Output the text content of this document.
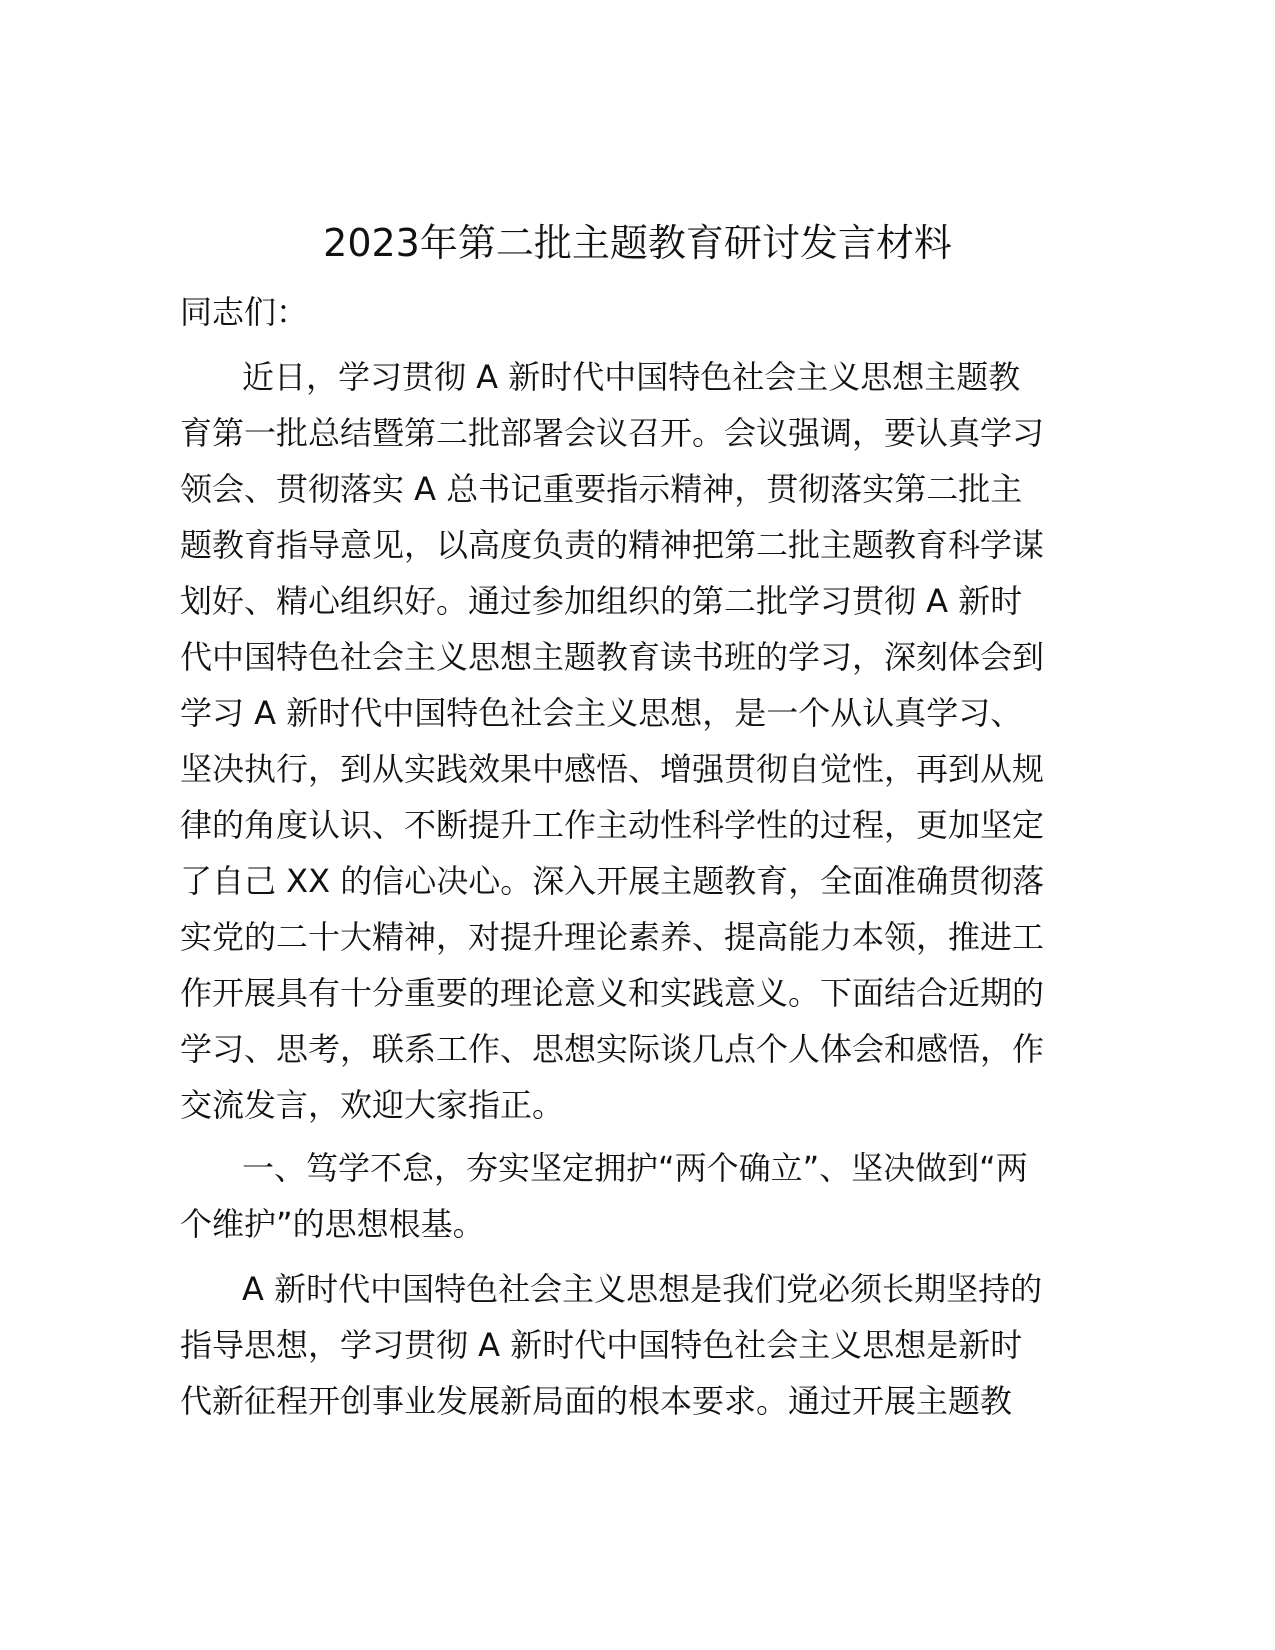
2023年第二批主题教育研讨发言材料
同志们：
近日，学习贯彻 A 新时代中国特色社会主义思想主题教
育第一批总结暨第二批部署会议召开。会议强调，要认真学习
领会、贯彻落实 A 总书记重要指示精神，贯彻落实第二批主
题教育指导意见，以高度负责的精神把第二批主题教育科学谋
划好、精心组织好。通过参加组织的第二批学习贯彻 A 新时
代中国特色社会主义思想主题教育读书班的学习，深刻体会到
学习 A 新时代中国特色社会主义思想，是一个从认真学习、
坚决执行，到从实践效果中感悟、增强贯彻自觉性，再到从规
律的角度认识、不断提升工作主动性科学性的过程，更加坚定
了自己 XX 的信心决心。深入开展主题教育，全面准确贯彻落
实党的二十大精神，对提升理论素养、提高能力本领，推进工
作开展具有十分重要的理论意义和实践意义。下面结合近期的
学习、思考，联系工作、思想实际谈几点个人体会和感悟，作
交流发言，欢迎大家指正。
一、笃学不怠，夯实坚定拥护“两个确立”、坚决做到“两
个维护”的思想根基。
A 新时代中国特色社会主义思想是我们党必须长期坚持的
指导思想，学习贯彻 A 新时代中国特色社会主义思想是新时
代新征程开创事业发展新局面的根本要求。通过开展主题教
